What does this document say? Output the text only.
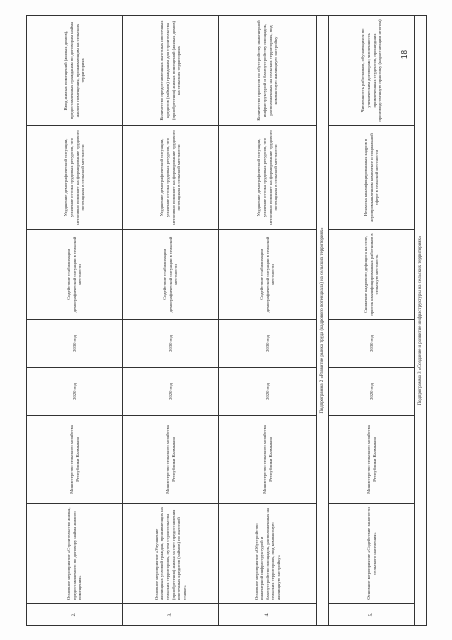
2.	Основное мероприятие «Строительство жилья, предоставляемого по договору найма жилого помещения»	Министерство сельского хозяйства Республики Калмыкия	2020 год	2030 год	Содействие стабилизации демографической ситуации в сельской местности	Ухудшение демографической ситуации, усиление оттока трудовых ресурсов, что негативно повлияет на формирование трудового потенциала в сельской местности	Ввод жилых помещений (жилых домов), предоставленных гражданам по договорам найма жилого помещения, проживающим на сельских территориях
3.	Основное мероприятие «Улучшение жилищных условий граждан, проживающих на сельских территориях, путем строительства (приобретения) жилья за счет предоставления ипотечных кредитов (займов) по льготной ставке»	Министерство сельского хозяйства Республики Калмыкия	2020 год	2030 год	Содействие стабилизации демографической ситуации в сельской местности	Ухудшение демографической ситуации, усиление оттока трудовых ресурсов, что негативно повлияет на формирование трудового потенциала в сельской местности	Количество предоставленных льготных ипотечных кредитов (займов) гражданам для строительства (приобретения) жилых помещений (жилых домов) на сельских территориях
4.	Основное мероприятие «Обустройство инженерной инфраструктурой и благоустройство площадок, расположенных на сельских территориях, под компактную жилищную застройку»	Министерство сельского хозяйства Республики Калмыкия	2020 год	2030 год	Содействие стабилизации демографической ситуации в сельской местности	Ухудшение демографической ситуации, усиление оттока трудовых ресурсов, что негативно повлияет на формирование трудового потенциала в сельской местности	Количество проектов по обустройству инженерной инфраструктурой и благоустройству площадок, расположенных на сельских территориях, под компактную жилищную застройку
Подпрограмма 2 «Развитие рынка труда (кадрового потенциала) на сельских территориях»							
5.	Основное мероприятие «Содействие занятости сельского населения»	Министерство сельского хозяйства Республики Калмыкия	2020 год	2030 год	Снижение кадрового дефицита на селе, приток квалифицированных работников в сельскую местность	Нехватка квалифицированных кадров в агропромышленном комплексе и социальной сфере в сельской местности	Численность работников, обучающихся по ученическим договорам; численность привлеченных студентов, прошедших производственную практику (нарастающим итогом)
Подпрограмма 3 «Создание и развитие инфраструктуры на сельских территориях»							
18
